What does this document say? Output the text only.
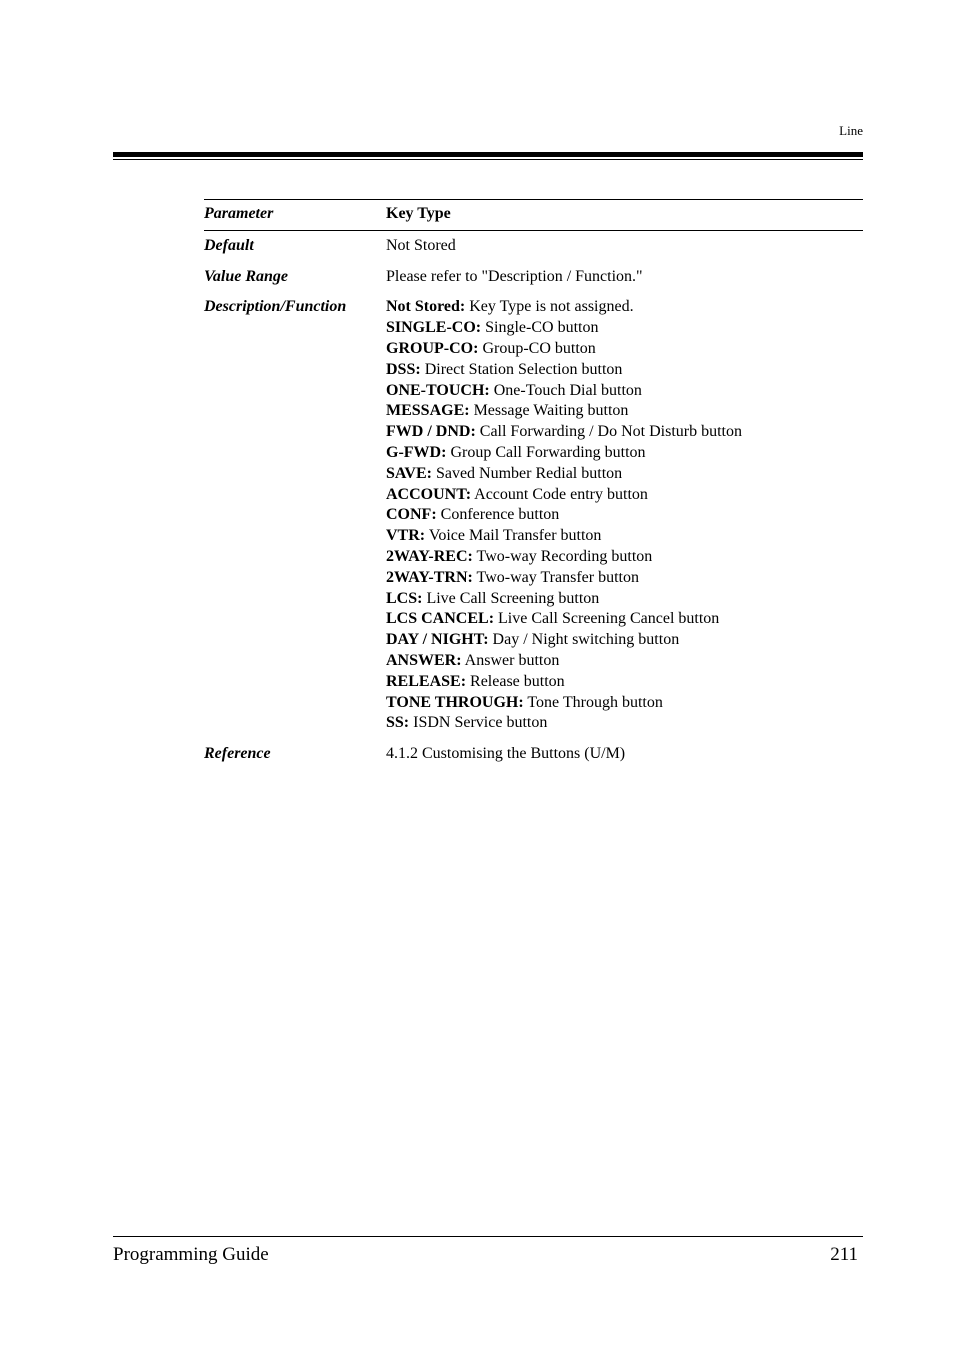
Line
Parameter	Key Type
Default	Not Stored
Value Range	Please refer to "Description / Function."
Description/Function	Not Stored: Key Type is not assigned.
SINGLE-CO: Single-CO button
GROUP-CO: Group-CO button
DSS: Direct Station Selection button
ONE-TOUCH: One-Touch Dial button
MESSAGE: Message Waiting button
FWD / DND: Call Forwarding / Do Not Disturb button
G-FWD: Group Call Forwarding button
SAVE: Saved Number Redial button
ACCOUNT: Account Code entry button
CONF: Conference button
VTR: Voice Mail Transfer button
2WAY-REC: Two-way Recording button
2WAY-TRN: Two-way Transfer button
LCS: Live Call Screening button
LCS CANCEL: Live Call Screening Cancel button
DAY / NIGHT: Day / Night switching button
ANSWER: Answer button
RELEASE: Release button
TONE THROUGH: Tone Through button
SS: ISDN Service button
Reference	4.1.2 Customising the Buttons (U/M)
Programming Guide	211
